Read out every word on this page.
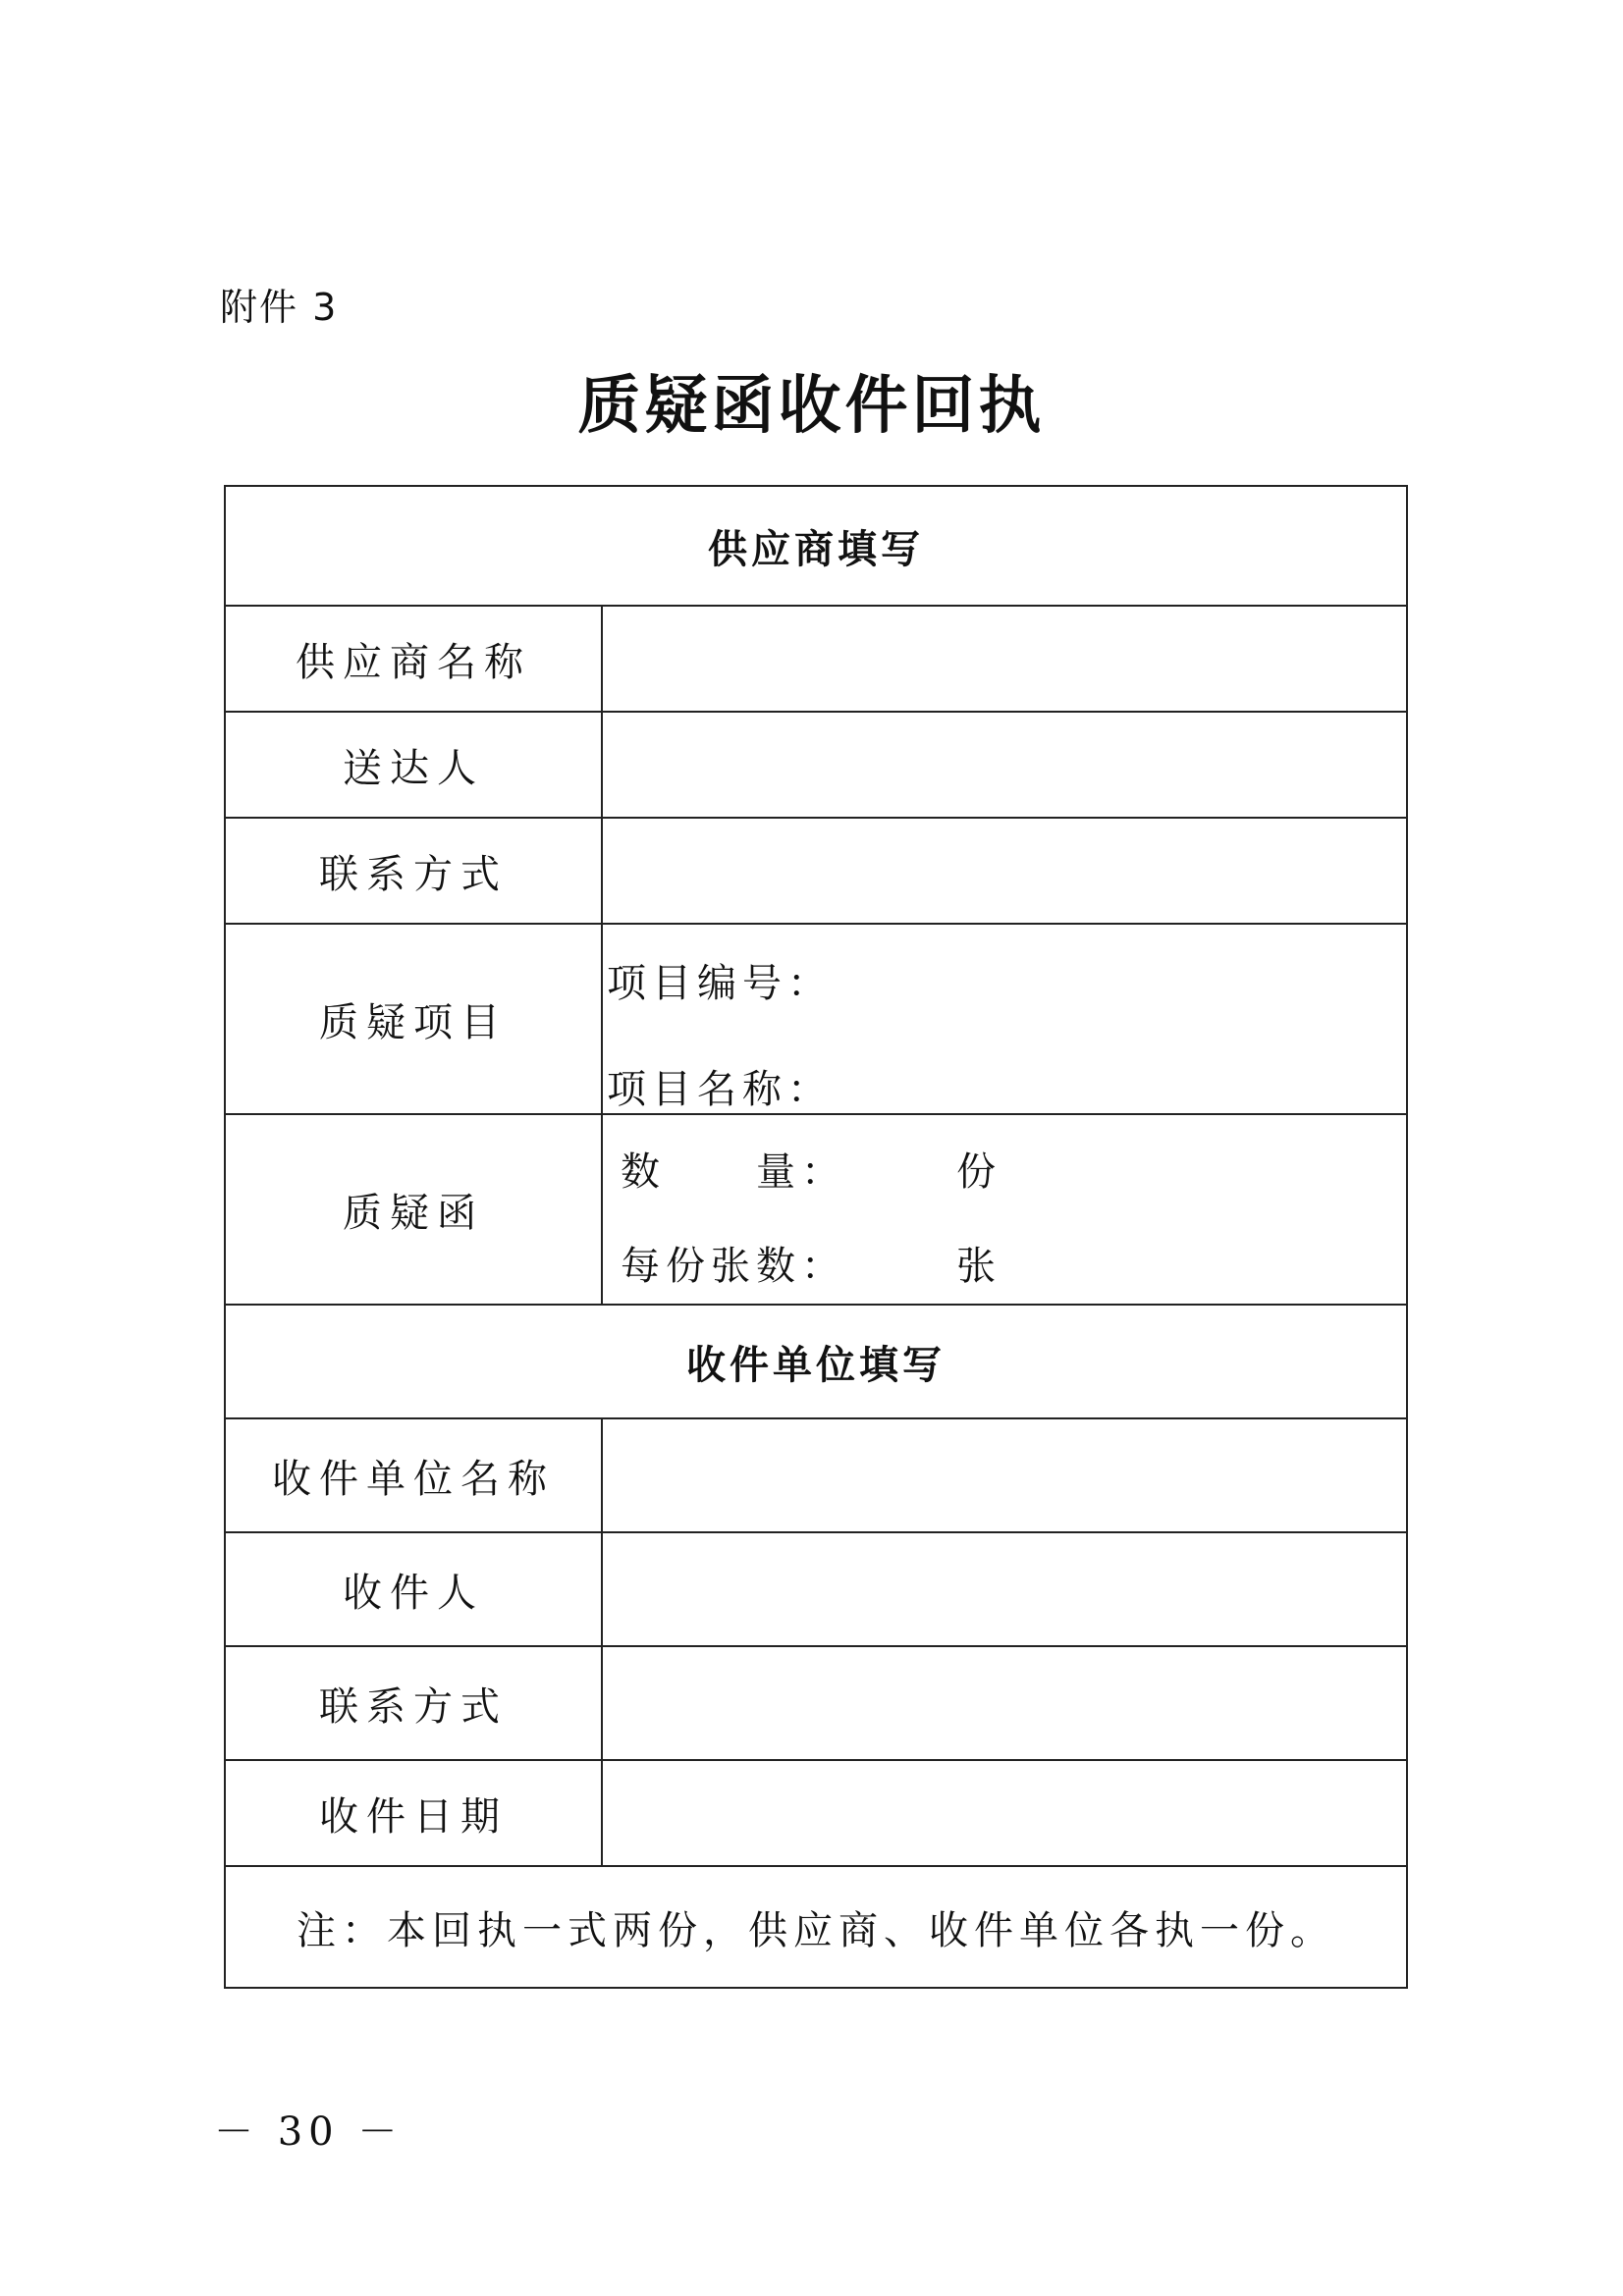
附件 3
质疑函收件回执
供应商填写
供应商名称
送达人
联系方式
质疑项目
项目编号：
项目名称：
质疑函
数　　量：	份
每份张数：	张
收件单位填写
收件单位名称
收件人
联系方式
收件日期
注：本回执一式两份，供应商、收件单位各执一份。
－ 30 －
